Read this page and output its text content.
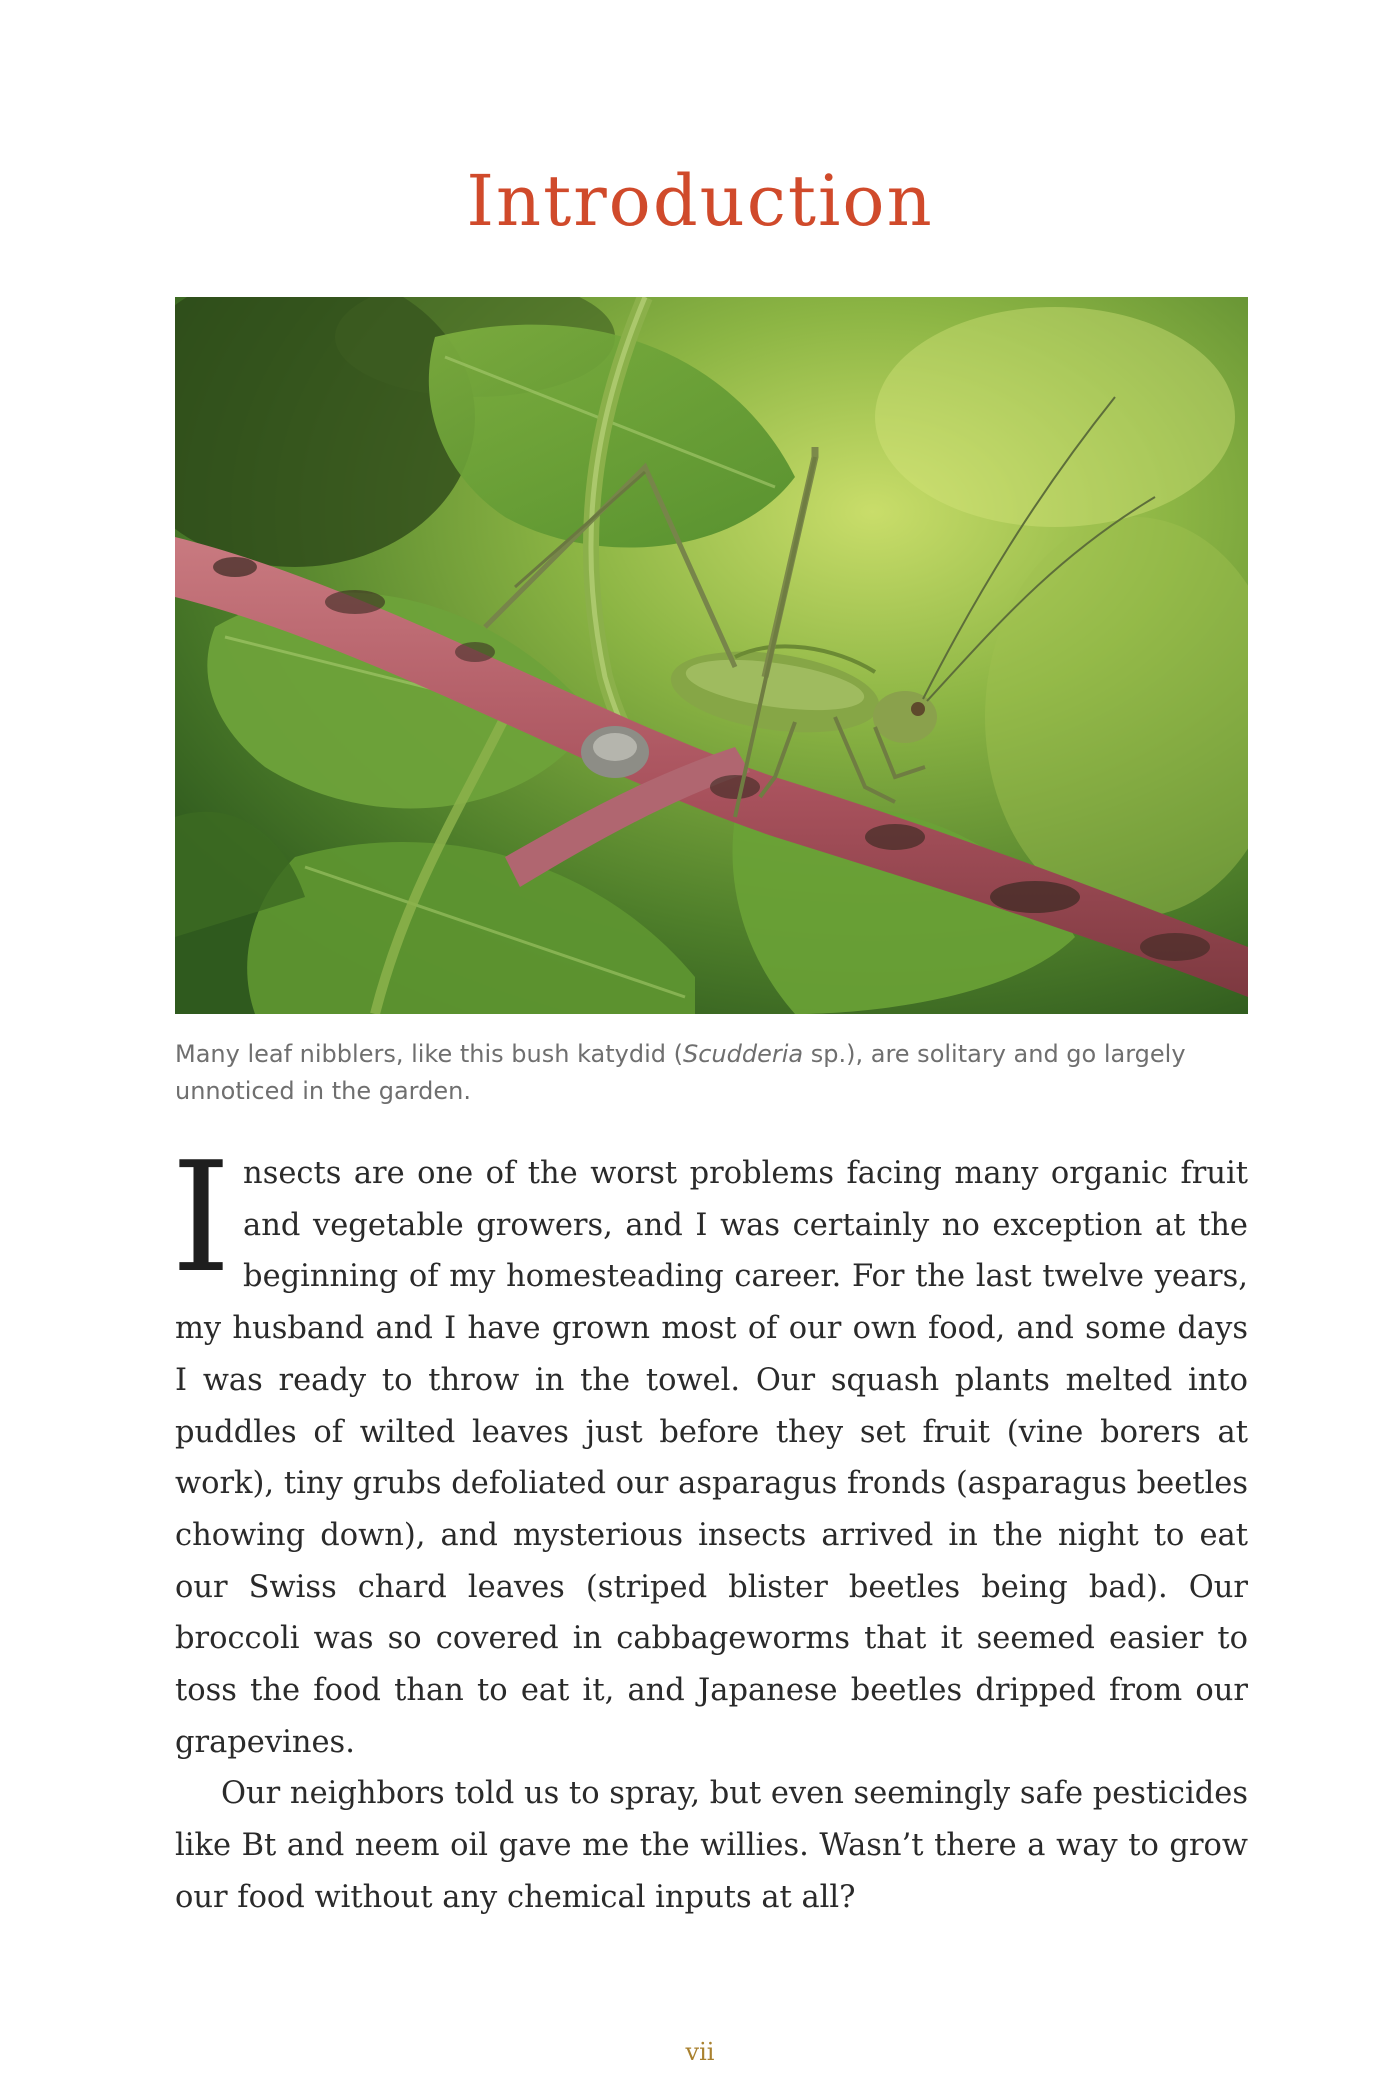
Introduction

Many leaf nibblers, like this bush katydid (Scudderia sp.), are solitary and go largely unnoticed in the garden.

Insects are one of the worst problems facing many organic fruit and vegetable growers, and I was certainly no exception at the beginning of my homesteading career. For the last twelve years, my husband and I have grown most of our own food, and some days I was ready to throw in the towel. Our squash plants melted into puddles of wilted leaves just before they set fruit (vine borers at work), tiny grubs defoliated our asparagus fronds (asparagus beetles chowing down), and mysterious insects arrived in the night to eat our Swiss chard leaves (striped blister beetles being bad). Our broccoli was so covered in cabbageworms that it seemed easier to toss the food than to eat it, and Japanese beetles dripped from our grapevines.

Our neighbors told us to spray, but even seemingly safe pesticides like Bt and neem oil gave me the willies. Wasn’t there a way to grow our food without any chemical inputs at all?

vii
